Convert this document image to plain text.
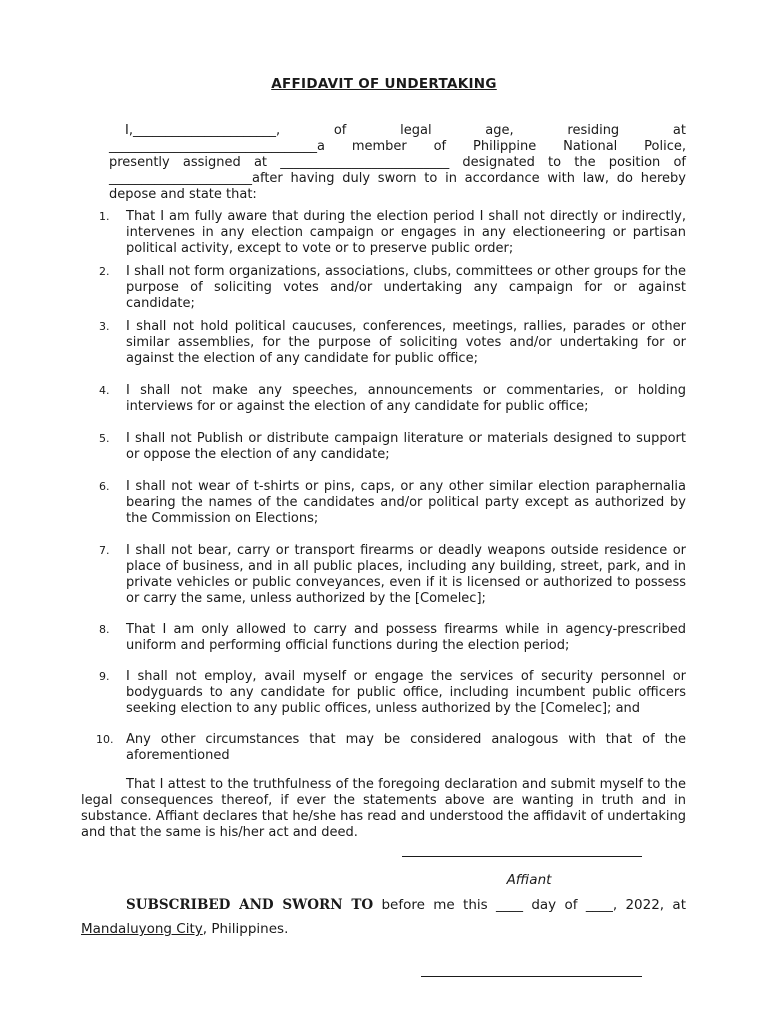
AFFIDAVIT OF UNDERTAKING

I,______________________, of legal age, residing at

________________________________a member of Philippine National Police,

presently assigned at __________________________ designated to the position of

______________________after having duly sworn to in accordance with law, do hereby

depose and state that:

1.	That I am fully aware that during the election period I shall not directly or indirectly, intervenes in any election campaign or engages in any electioneering or partisan political activity, except to vote or to preserve public order;
2.	I shall not form organizations, associations, clubs, committees or other groups for the purpose of soliciting votes and/or undertaking any campaign for or against candidate;
3.	I shall not hold political caucuses, conferences, meetings, rallies, parades or other similar assemblies, for the purpose of soliciting votes and/or undertaking for or against the election of any candidate for public office;
4.	I shall not make any speeches, announcements or commentaries, or holding interviews for or against the election of any candidate for public office;
5.	I shall not Publish or distribute campaign literature or materials designed to support or oppose the election of any candidate;
6.	I shall not wear of t-shirts or pins, caps, or any other similar election paraphernalia bearing the names of the candidates and/or political party except as authorized by the Commission on Elections;
7.	I shall not bear, carry or transport firearms or deadly weapons outside residence or place of business, and in all public places, including any building, street, park, and in private vehicles or public conveyances, even if it is licensed or authorized to possess or carry the same, unless authorized by the [Comelec];
8.	That I am only allowed to carry and possess firearms while in agency-prescribed uniform and performing official functions during the election period;
9.	I shall not employ, avail myself or engage the services of security personnel or bodyguards to any candidate for public office, including incumbent public officers seeking election to any public offices, unless authorized by the [Comelec]; and
10. Any other circumstances that may be considered analogous with that of the aforementioned

That I attest to the truthfulness of the foregoing declaration and submit myself to the legal consequences thereof, if ever the statements above are wanting in truth and in substance. Affiant declares that he/she has read and understood the affidavit of undertaking and that the same is his/her act and deed.

Affiant
SUBSCRIBED AND SWORN TO before me this ____ day of ____, 2022, at
Mandaluyong City, Philippines.
